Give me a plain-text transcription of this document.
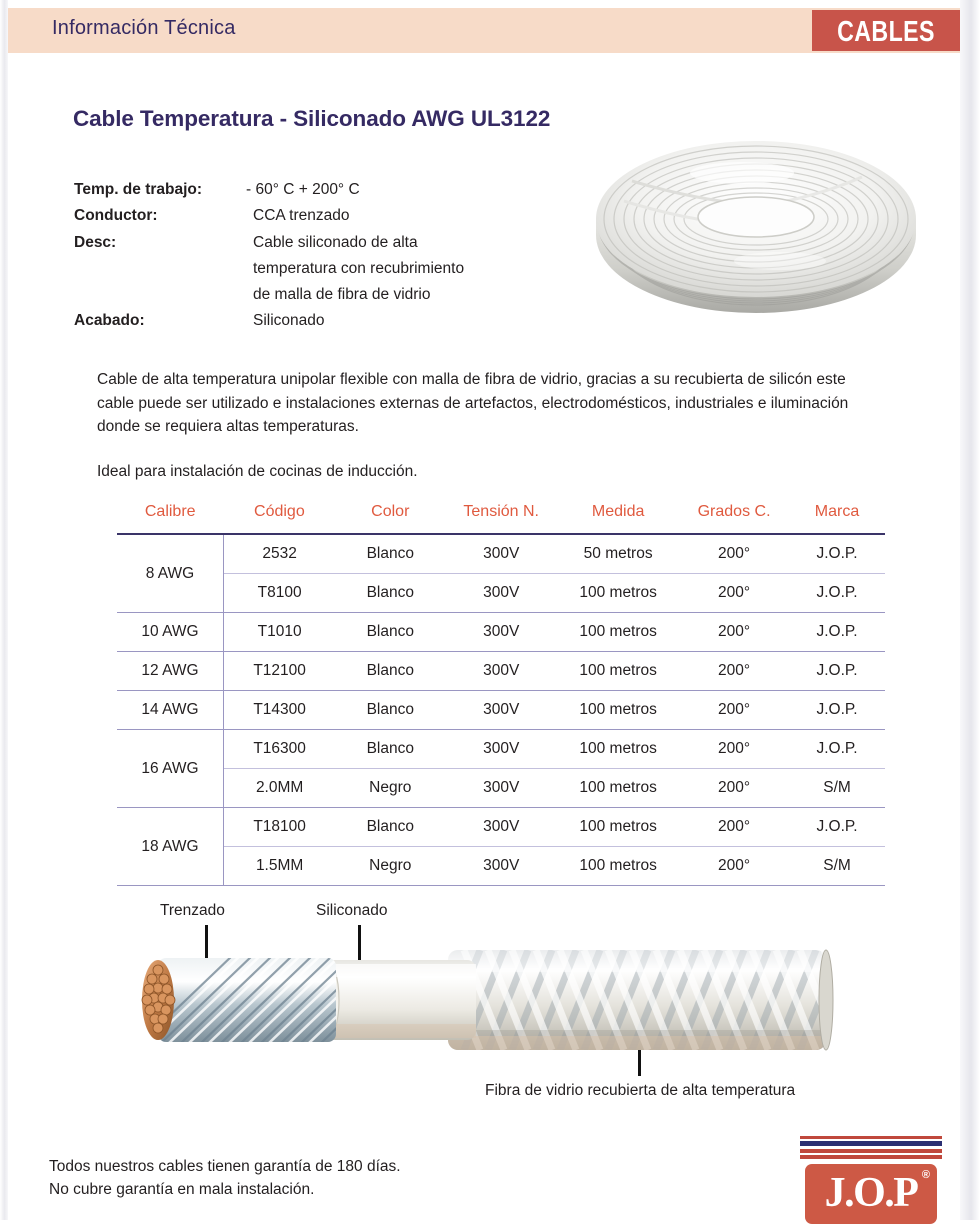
Información Técnica	CABLES
Cable Temperatura - Siliconado AWG UL3122
Temp. de trabajo:	- 60° C + 200° C
Conductor:	CCA trenzado
Desc:	Cable siliconado de alta
temperatura con recubrimiento
de malla de fibra de vidrio
Acabado:	Siliconado

Cable de alta temperatura unipolar flexible con malla de fibra de vidrio, gracias a su recubierta de silicón este cable puede ser utilizado e instalaciones externas de artefactos, electrodomésticos, industriales e iluminación donde se requiera altas temperaturas.

Ideal para instalación de cocinas de inducción.

Calibre	Código	Color	Tensión N.	Medida	Grados C.	Marca
8 AWG	2532	Blanco	300V	50 metros	200°	J.O.P.
	T8100	Blanco	300V	100 metros	200°	J.O.P.
10 AWG	T1010	Blanco	300V	100 metros	200°	J.O.P.
12 AWG	T12100	Blanco	300V	100 metros	200°	J.O.P.
14 AWG	T14300	Blanco	300V	100 metros	200°	J.O.P.
16 AWG	T16300	Blanco	300V	100 metros	200°	J.O.P.
	2.0MM	Negro	300V	100 metros	200°	S/M
18 AWG	T18100	Blanco	300V	100 metros	200°	J.O.P.
	1.5MM	Negro	300V	100 metros	200°	S/M
Trenzado	Siliconado
Fibra de vidrio recubierta de alta temperatura
Todos nuestros cables tienen garantía de 180 días.
No cubre garantía en mala instalación.	J.O.P ®
